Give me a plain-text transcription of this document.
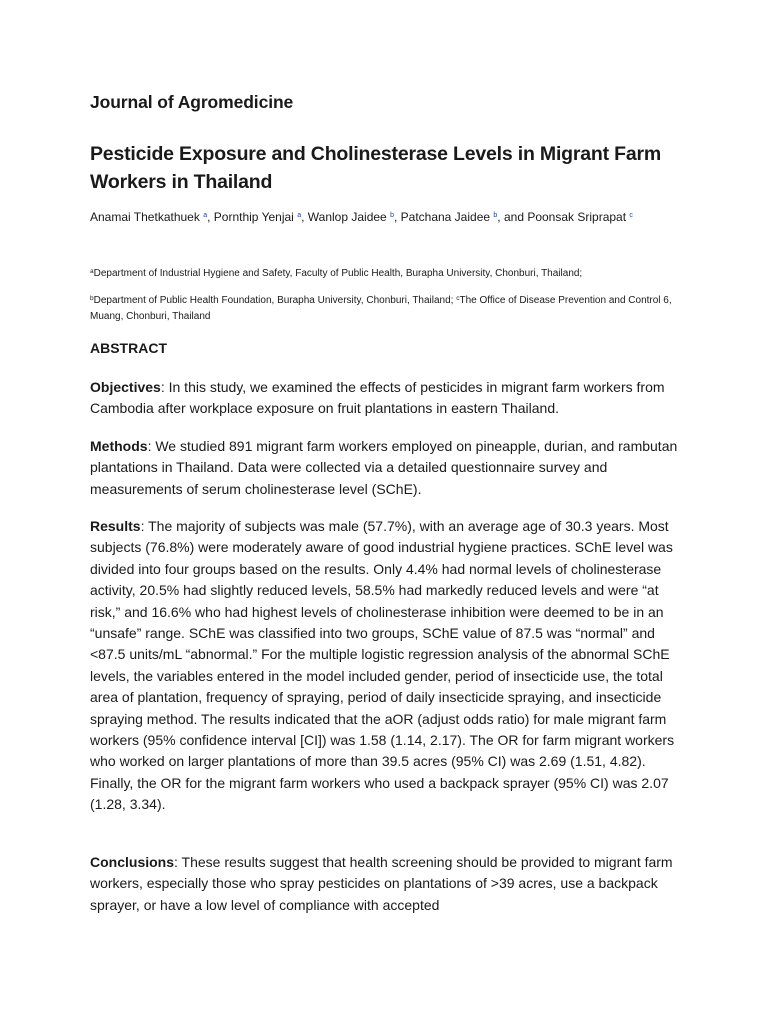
Journal of Agromedicine
Pesticide Exposure and Cholinesterase Levels in Migrant Farm Workers in Thailand

Anamai Thetkathuek $^a$, Pornthip Yenjai $^a$, Wanlop Jaidee $^b$, Patchana Jaidee $^b$, and Poonsak Sriprapat $^c$

$^a$Department of Industrial Hygiene and Safety, Faculty of Public Health, Burapha University, Chonburi, Thailand;

$^b$Department of Public Health Foundation, Burapha University, Chonburi, Thailand; $^c$The Office of Disease Prevention and Control 6, Muang, Chonburi, Thailand

ABSTRACT

Objectives: In this study, we examined the effects of pesticides in migrant farm workers from Cambodia after workplace exposure on fruit plantations in eastern Thailand.

Methods: We studied 891 migrant farm workers employed on pineapple, durian, and rambutan plantations in Thailand. Data were collected via a detailed questionnaire survey and measurements of serum cholinesterase level (SChE).

Results: The majority of subjects was male (57.7%), with an average age of 30.3 years. Most subjects (76.8%) were moderately aware of good industrial hygiene practices. SChE level was divided into four groups based on the results. Only 4.4% had normal levels of cholinesterase activity, 20.5% had slightly reduced levels, 58.5% had markedly reduced levels and were “at risk,” and 16.6% who had highest levels of cholinesterase inhibition were deemed to be in an “unsafe” range. SChE was classified into two groups, SChE value of 87.5 was “normal” and <87.5 units/mL “abnormal.” For the multiple logistic regression analysis of the abnormal SChE levels, the variables entered in the model included gender, period of insecticide use, the total area of plantation, frequency of spraying, period of daily insecticide spraying, and insecticide spraying method. The results indicated that the aOR (adjust odds ratio) for male migrant farm workers (95% confidence interval [CI]) was 1.58 (1.14, 2.17). The OR for farm migrant workers who worked on larger plantations of more than 39.5 acres (95% CI) was 2.69 (1.51, 4.82). Finally, the OR for the migrant farm workers who used a backpack sprayer (95% CI) was 2.07 (1.28, 3.34).

Conclusions: These results suggest that health screening should be provided to migrant farm workers, especially those who spray pesticides on plantations of >39 acres, use a backpack sprayer, or have a low level of compliance with accepted
